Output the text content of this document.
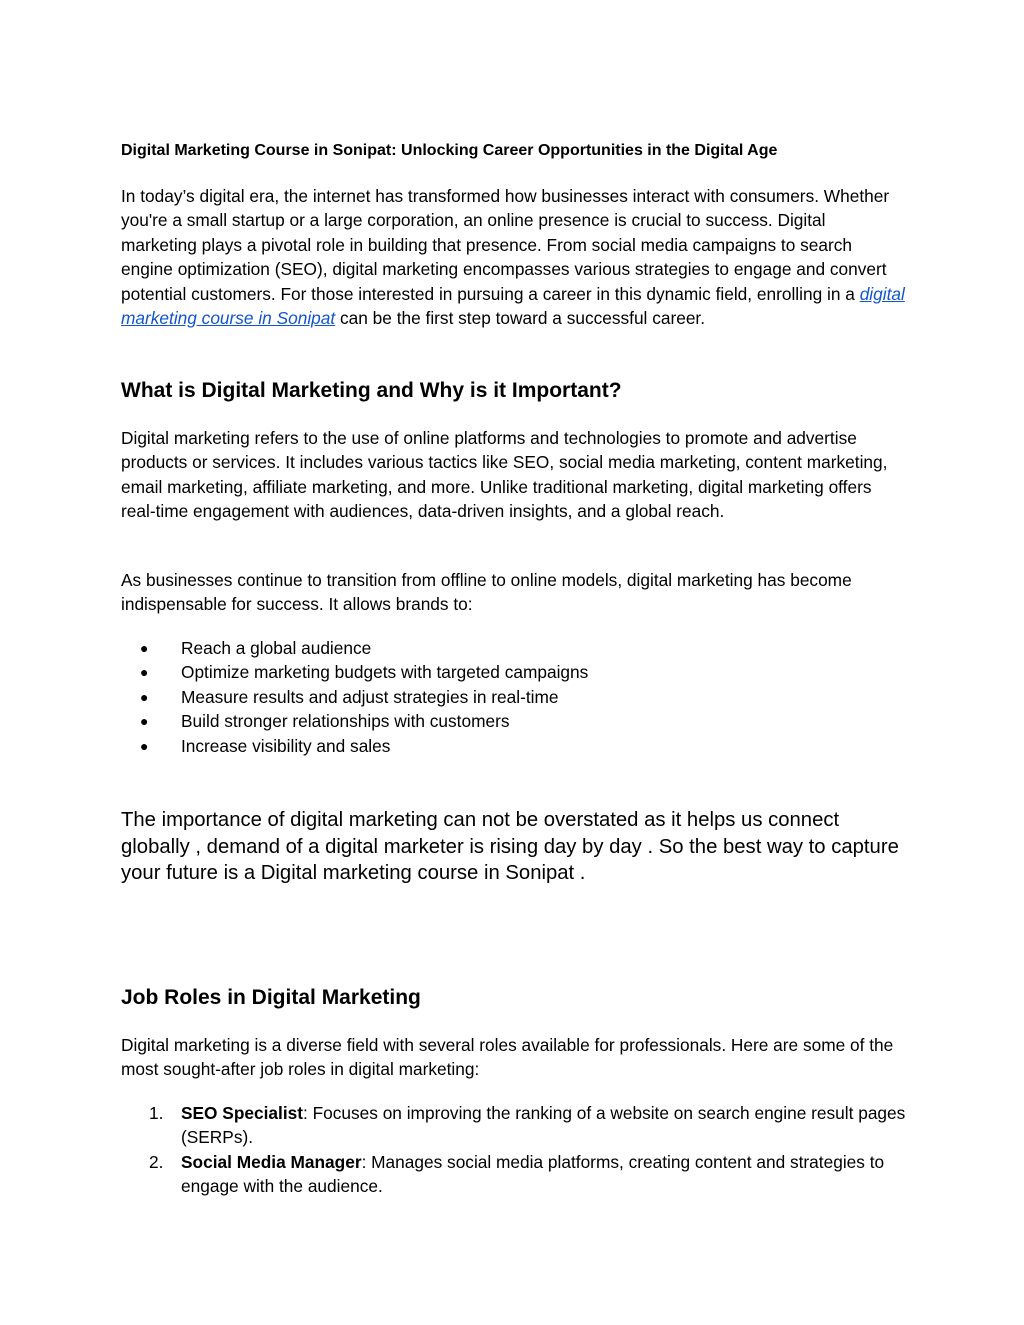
Digital Marketing Course in Sonipat: Unlocking Career Opportunities in the Digital Age

In today’s digital era, the internet has transformed how businesses interact with consumers. Whether you're a small startup or a large corporation, an online presence is crucial to success. Digital marketing plays a pivotal role in building that presence. From social media campaigns to search engine optimization (SEO), digital marketing encompasses various strategies to engage and convert potential customers. For those interested in pursuing a career in this dynamic field, enrolling in a digital marketing course in Sonipat can be the first step toward a successful career.

What is Digital Marketing and Why is it Important?

Digital marketing refers to the use of online platforms and technologies to promote and advertise products or services. It includes various tactics like SEO, social media marketing, content marketing, email marketing, affiliate marketing, and more. Unlike traditional marketing, digital marketing offers real-time engagement with audiences, data-driven insights, and a global reach.

As businesses continue to transition from offline to online models, digital marketing has become indispensable for success. It allows brands to:

●	Reach a global audience
●	Optimize marketing budgets with targeted campaigns
●	Measure results and adjust strategies in real-time
●	Build stronger relationships with customers
●	Increase visibility and sales

The importance of digital marketing can not be overstated as it helps us connect globally , demand of a digital marketer is rising day by day . So the best way to capture your future is a Digital marketing course in Sonipat .

Job Roles in Digital Marketing

Digital marketing is a diverse field with several roles available for professionals. Here are some of the most sought-after job roles in digital marketing:

1.	SEO Specialist: Focuses on improving the ranking of a website on search engine result pages (SERPs).
2.	Social Media Manager: Manages social media platforms, creating content and strategies to engage with the audience.
